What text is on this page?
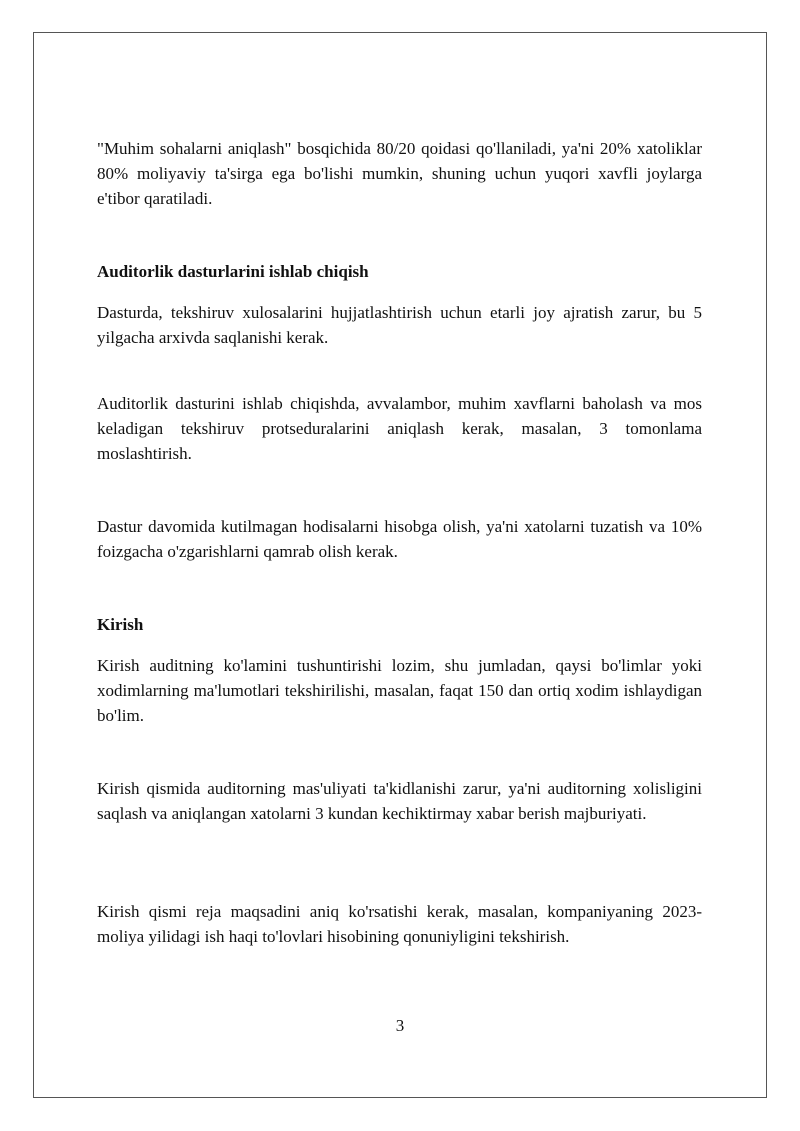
"Muhim sohalarni aniqlash" bosqichida 80/20 qoidasi qo'llaniladi, ya'ni 20% xatoliklar 80% moliyaviy ta'sirga ega bo'lishi mumkin, shuning uchun yuqori xavfli joylarga e'tibor qaratiladi.

Auditorlik dasturlarini ishlab chiqish

Dasturda, tekshiruv xulosalarini hujjatlashtirish uchun etarli joy ajratish zarur, bu 5 yilgacha arxivda saqlanishi kerak.

Auditorlik dasturini ishlab chiqishda, avvalambor, muhim xavflarni baholash va mos keladigan tekshiruv protseduralarini aniqlash kerak, masalan, 3 tomonlama moslashtirish.

Dastur davomida kutilmagan hodisalarni hisobga olish, ya'ni xatolarni tuzatish va 10% foizgacha o'zgarishlarni qamrab olish kerak.

Kirish

Kirish auditning ko'lamini tushuntirishi lozim, shu jumladan, qaysi bo'limlar yoki xodimlarning ma'lumotlari tekshirilishi, masalan, faqat 150 dan ortiq xodim ishlaydigan bo'lim.

Kirish qismida auditorning mas'uliyati ta'kidlanishi zarur, ya'ni auditorning xolisligini saqlash va aniqlangan xatolarni 3 kundan kechiktirmay xabar berish majburiyati.

Kirish qismi reja maqsadini aniq ko'rsatishi kerak, masalan, kompaniyaning 2023-moliya yilidagi ish haqi to'lovlari hisobining qonuniyligini tekshirish.

3
